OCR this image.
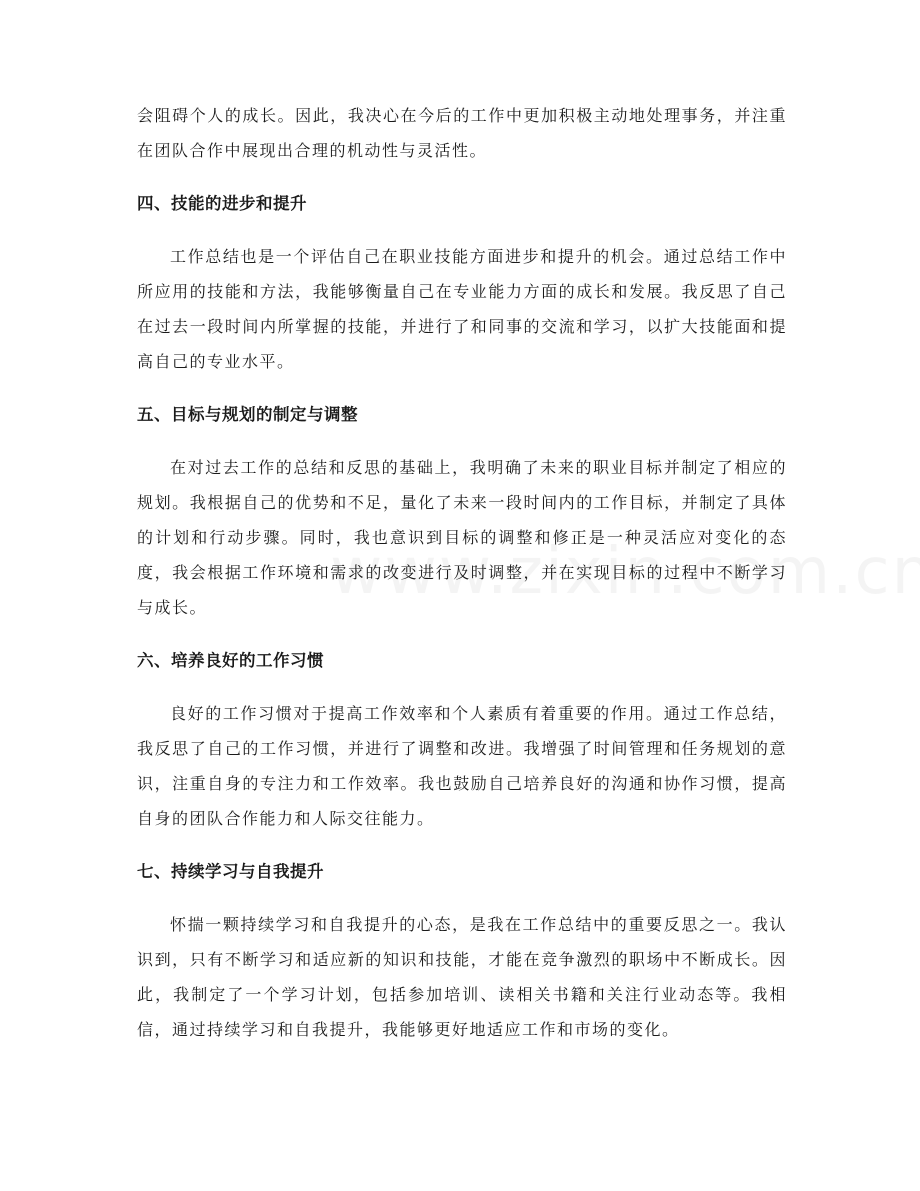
会阻碍个人的成长。因此，我决心在今后的工作中更加积极主动地处理事务，并注重在团队合作中展现出合理的机动性与灵活性。

四、技能的进步和提升

工作总结也是一个评估自己在职业技能方面进步和提升的机会。通过总结工作中所应用的技能和方法，我能够衡量自己在专业能力方面的成长和发展。我反思了自己在过去一段时间内所掌握的技能，并进行了和同事的交流和学习，以扩大技能面和提高自己的专业水平。

五、目标与规划的制定与调整

在对过去工作的总结和反思的基础上，我明确了未来的职业目标并制定了相应的规划。我根据自己的优势和不足，量化了未来一段时间内的工作目标，并制定了具体的计划和行动步骤。同时，我也意识到目标的调整和修正是一种灵活应对变化的态度，我会根据工作环境和需求的改变进行及时调整，并在实现目标的过程中不断学习与成长。

六、培养良好的工作习惯

良好的工作习惯对于提高工作效率和个人素质有着重要的作用。通过工作总结，我反思了自己的工作习惯，并进行了调整和改进。我增强了时间管理和任务规划的意识，注重自身的专注力和工作效率。我也鼓励自己培养良好的沟通和协作习惯，提高自身的团队合作能力和人际交往能力。

七、持续学习与自我提升

怀揣一颗持续学习和自我提升的心态，是我在工作总结中的重要反思之一。我认识到，只有不断学习和适应新的知识和技能，才能在竞争激烈的职场中不断成长。因此，我制定了一个学习计划，包括参加培训、读相关书籍和关注行业动态等。我相信，通过持续学习和自我提升，我能够更好地适应工作和市场的变化。
